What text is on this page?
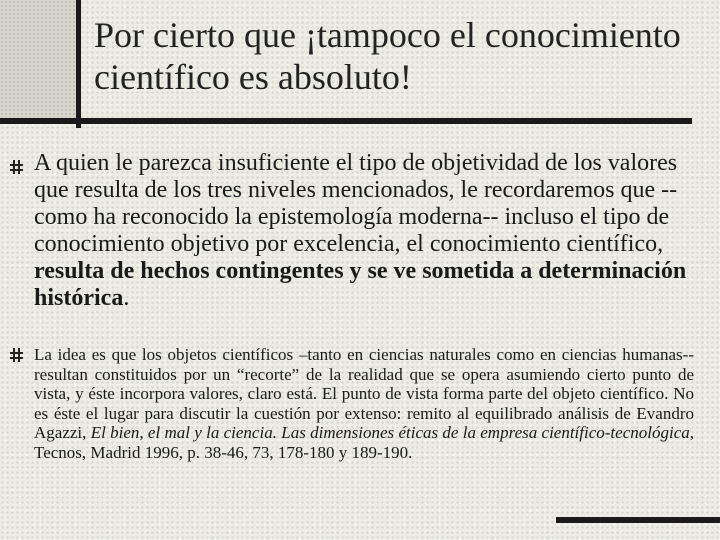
Por cierto que ¡tampoco el conocimiento científico es absoluto!

A quien le parezca insuficiente el tipo de objetividad de los valores que resulta de los tres niveles mencionados, le recordaremos que --como ha reconocido la epistemología moderna-- incluso el tipo de conocimiento objetivo por excelencia, el conocimiento científico, resulta de hechos contingentes y se ve sometida a determinación histórica.

La idea es que los objetos científicos –tanto en ciencias naturales como en ciencias humanas-- resultan constituidos por un “recorte” de la realidad que se opera asumiendo cierto punto de vista, y éste incorpora valores, claro está. El punto de vista forma parte del objeto científico. No es éste el lugar para discutir la cuestión por extenso: remito al equilibrado análisis de Evandro Agazzi, El bien, el mal y la ciencia. Las dimensiones éticas de la empresa científico-tecnológica, Tecnos, Madrid 1996, p. 38-46, 73, 178-180 y 189-190.
